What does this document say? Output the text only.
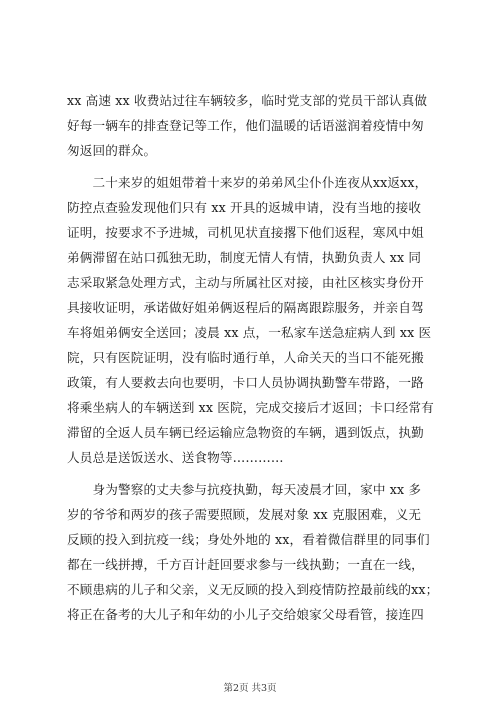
xx 高速 xx 收费站过往车辆较多，临时党支部的党员干部认真做
好每一辆车的排查登记等工作，他们温暖的话语滋润着疫情中匆
匆返回的群众。
　　二十来岁的姐姐带着十来岁的弟弟风尘仆仆连夜从xx返xx，
防控点查验发现他们只有 xx 开具的返城申请，没有当地的接收
证明，按要求不予进城，司机见状直接撂下他们返程，寒风中姐
弟俩滞留在站口孤独无助，制度无情人有情，执勤负责人 xx 同
志采取紧急处理方式，主动与所属社区对接，由社区核实身份开
具接收证明，承诺做好姐弟俩返程后的隔离跟踪服务，并亲自驾
车将姐弟俩安全送回；凌晨 xx 点，一私家车送急症病人到 xx 医
院，只有医院证明，没有临时通行单，人命关天的当口不能死搬
政策，有人要救去向也要明，卡口人员协调执勤警车带路，一路
将乘坐病人的车辆送到 xx 医院，完成交接后才返回；卡口经常有
滞留的全返人员车辆已经运输应急物资的车辆，遇到饭点，执勤
人员总是送饭送水、送食物等…………
　　身为警察的丈夫参与抗疫执勤，每天凌晨才回，家中 xx 多
岁的爷爷和两岁的孩子需要照顾，发展对象 xx 克服困难，义无
反顾的投入到抗疫一线；身处外地的 xx，看着微信群里的同事们
都在一线拼搏，千方百计赶回要求参与一线执勤；一直在一线，
不顾患病的儿子和父亲，义无反顾的投入到疫情防控最前线的xx；
将正在备考的大儿子和年幼的小儿子交给娘家父母看管，接连四
第2页 共3页
